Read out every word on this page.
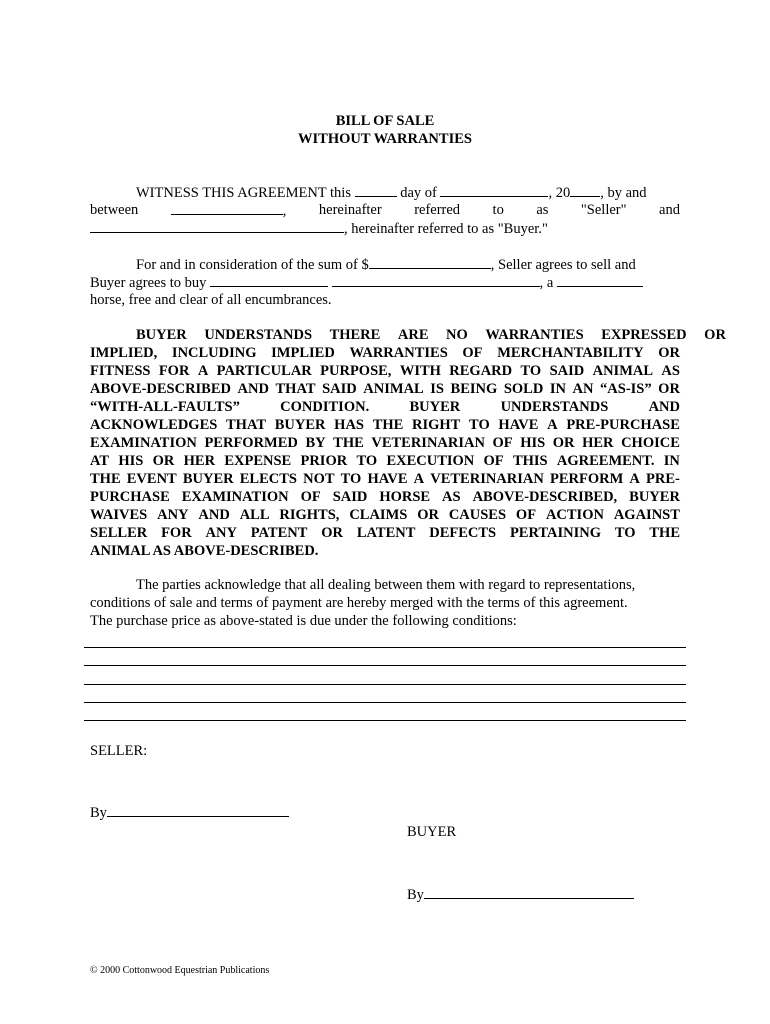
BILL OF SALE
WITHOUT WARRANTIES
WITNESS THIS AGREEMENT this	day of	, 20 , by and
between	, hereinafter referred to as "Seller" and
, hereinafter referred to as "Buyer."
For and in consideration of the sum of $	, Seller agrees to sell and
Buyer agrees to buy	, a
horse, free and clear of all encumbrances.
BUYER UNDERSTANDS THERE ARE NO WARRANTIES EXPRESSED OR
IMPLIED, INCLUDING IMPLIED WARRANTIES OF MERCHANTABILITY OR
FITNESS FOR A PARTICULAR PURPOSE, WITH REGARD TO SAID ANIMAL AS
ABOVE-DESCRIBED AND THAT SAID ANIMAL IS BEING SOLD IN AN “AS-IS” OR
“WITH-ALL-FAULTS”	CONDITION.	BUYER	UNDERSTANDS	AND
ACKNOWLEDGES THAT BUYER HAS THE RIGHT TO HAVE A PRE-PURCHASE
EXAMINATION PERFORMED BY THE VETERINARIAN OF HIS OR HER CHOICE
AT HIS OR HER EXPENSE PRIOR TO EXECUTION OF THIS AGREEMENT. IN
THE EVENT BUYER ELECTS NOT TO HAVE A VETERINARIAN PERFORM A PRE-
PURCHASE EXAMINATION OF SAID HORSE AS ABOVE-DESCRIBED, BUYER
WAIVES ANY AND ALL RIGHTS, CLAIMS OR CAUSES OF ACTION AGAINST
SELLER FOR ANY PATENT OR LATENT DEFECTS PERTAINING TO THE
ANIMAL AS ABOVE-DESCRIBED.
The parties acknowledge that all dealing between them with regard to representations,
conditions of sale and terms of payment are hereby merged with the terms of this agreement.
The purchase price as above-stated is due under the following conditions:
SELLER:
By
BUYER
By
© 2000 Cottonwood Equestrian Publications
